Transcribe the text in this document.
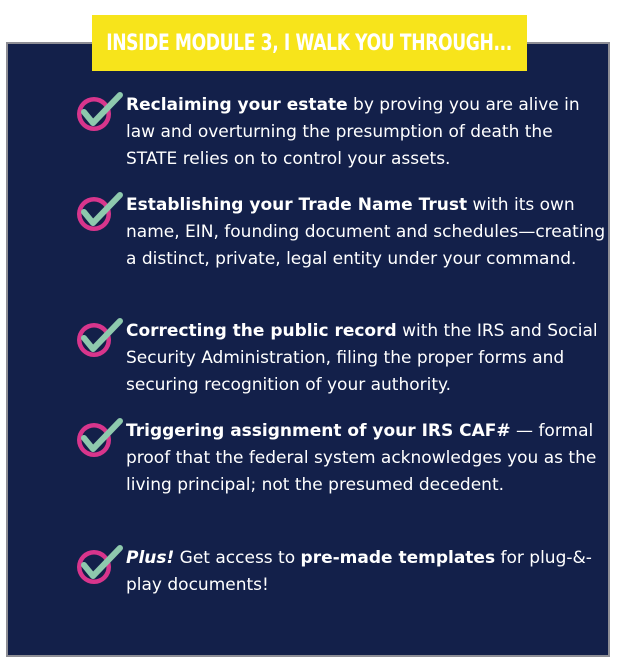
INSIDE MODULE 3, I WALK YOU THROUGH...
Reclaiming your estate by proving you are alive in law and overturning the presumption of death the STATE relies on to control your assets.
Establishing your Trade Name Trust with its own name, EIN, founding document and schedules—creating a distinct, private, legal entity under your command.
Correcting the public record with the IRS and Social Security Administration, filing the proper forms and securing recognition of your authority.
Triggering assignment of your IRS CAF# — formal proof that the federal system acknowledges you as the living principal; not the presumed decedent.
Plus! Get access to pre-made templates for plug-&-play documents!
